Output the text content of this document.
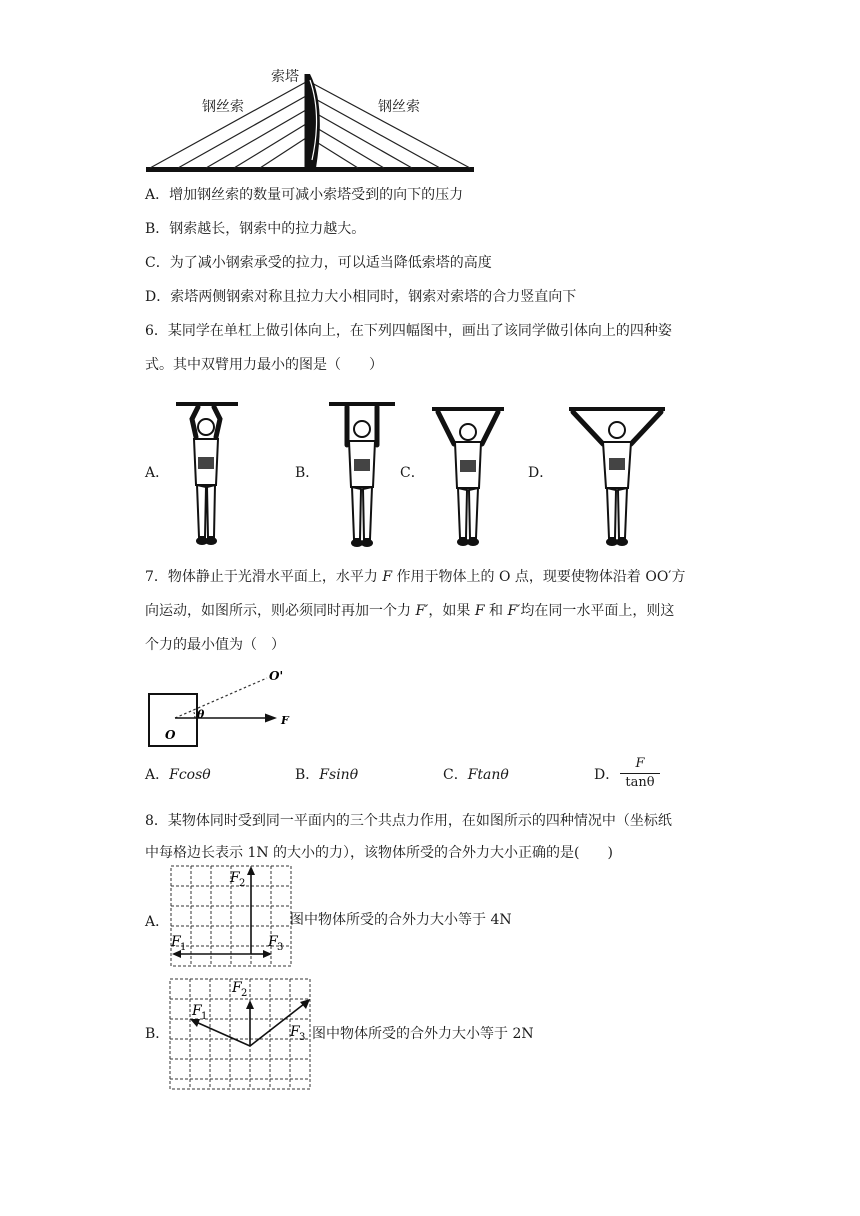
索塔
钢丝索	钢丝索
A．增加钢丝索的数量可减小索塔受到的向下的压力
B．钢索越长，钢索中的拉力越大。
C．为了减小钢索承受的拉力，可以适当降低索塔的高度
D．索塔两侧钢索对称且拉力大小相同时，钢索对索塔的合力竖直向下
6．某同学在单杠上做引体向上，在下列四幅图中，画出了该同学做引体向上的四种姿
式。其中双臂用力最小的图是（　　）
A．	B．	C．	D．
7．物体静止于光滑水平面上，水平力 F 作用于物体上的 O 点，现要使物体沿着 OO′方
向运动，如图所示，则必须同时再加一个力 F′，如果 F 和 F′均在同一水平面上，则这
个力的最小值为（　）
O
O'
θ	F
A．Fcosθ	B．Fsinθ	C．Ftanθ	D．
F
tanθ
8．某物体同时受到同一平面内的三个共点力作用，在如图所示的四种情况中（坐标纸
中每格边长表示 1N 的大小的力），该物体所受的合外力大小正确的是(　　)
F 2
F 1	F 3
A．	图中物体所受的合外力大小等于 4N
F 2
F 1
F 3
B．	图中物体所受的合外力大小等于 2N
